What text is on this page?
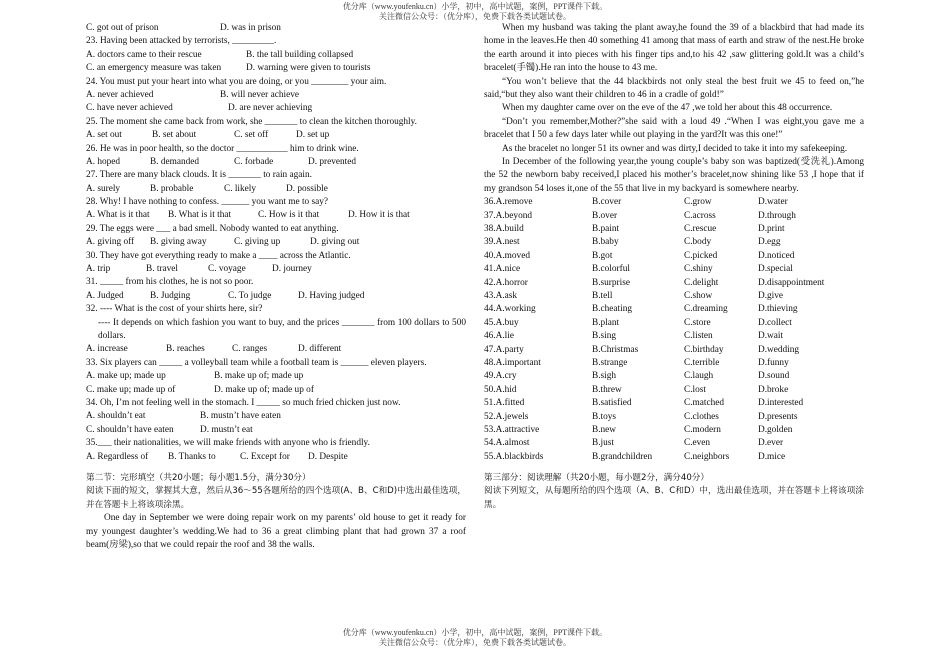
优分库（www.youfenku.cn）小学，初中，高中试题，案例，PPT课件下载。
关注微信公众号：（优分库），免费下载各类试题试卷。
C. got out of prison	D. was in prison
23. Having been attacked by terrorists, _________.
A. doctors came to their rescue	B. the tall building collapsed
C. an emergency measure was taken	D. warning were given to tourists
24. You must put your heart into what you are doing, or you ________ your aim.
A. never achieved	B. will never achieve
C. have never achieved	D. are never achieving
25. The moment she came back from work, she _______ to clean the kitchen thoroughly.
A. set out	B. set about	C. set off	D. set up
26. He was in poor health, so the doctor ___________ him to drink wine.
A. hoped	B. demanded	C. forbade	D. prevented
27. There are many black clouds. It is _______ to rain again.
A. surely	B. probable	C. likely	D. possible
28. Why! I have nothing to confess. ______ you want me to say?
A. What is it that	B. What is it that	C. How is it that	D. How it is that
29. The eggs were ___ a bad smell. Nobody wanted to eat anything.
A. giving off	B. giving away	C. giving up	D. giving out
30. They have got everything ready to make a ____ across the Atlantic.
A. trip	B. travel	C. voyage	D. journey
31. _____ from his clothes, he is not so poor.
A. Judged	B. Judging	C. To judge	D. Having judged
32. ---- What is the cost of your shirts here, sir?
---- It depends on which fashion you want to buy, and the prices _______ from 100 dollars to 500 dollars.
A. increase	B. reaches	C. ranges	D. different
33. Six players can _____ a volleyball team while a football team is ______ eleven players.
A. make up; made up	B. make up of; made up
C. make up; made up of	D. make up of; made up of
34. Oh, I’m not feeling well in the stomach. I _____ so much fried chicken just now.
A. shouldn’t eat	B. mustn’t have eaten
C. shouldn’t have eaten	D. mustn’t eat
35.___ their nationalities, we will make friends with anyone who is friendly.
A. Regardless of	B. Thanks to	C. Except for	D. Despite
第二节：完形填空（共20小题；每小题1.5分，满分30分）
阅读下面的短文，掌握其大意，然后从36～55各题所给的四个选项(A、B、C和D)中选出最佳选项，并在答题卡上将该项涂黑。
One day in September we were doing repair work on my parents’ old house to get it ready for my youngest daughter’s wedding.We had to 36 a great climbing plant that had grown 37 a roof beam(房梁),so that we could repair the roof and 38 the walls.
When my husband was taking the plant away,he found the 39 of a blackbird that had made its home in the leaves.He then 40 something 41 among that mass of earth and straw of the nest.He broke the earth around it into pieces with his finger tips and,to his 42 ,saw glittering gold.It was a child’s bracelet(手镯).He ran into the house to 43 me.
“You won’t believe that the 44 blackbirds not only steal the best fruit we 45 to feed on,”he said,“but they also want their children to 46 in a cradle of gold!”
When my daughter came over on the eve of the 47 ,we told her about this 48 occurrence.
“Don’t you remember,Mother?”she said with a loud 49 .“When I was eight,you gave me a bracelet that I 50 a few days later while out playing in the yard?It was this one!”
As the bracelet no longer 51 its owner and was dirty,I decided to take it into my safekeeping.
In December of the following year,the young couple’s baby son was baptized(受洗礼).Among the 52 the newborn baby received,I placed his mother’s bracelet,now shining like 53 ,I hope that if my grandson 54 loses it,one of the 55 that live in my backyard is somewhere nearby.
36.A.remove	B.cover	C.grow	D.water
37.A.beyond	B.over	C.across	D.through
38.A.build	B.paint	C.rescue	D.print
39.A.nest	B.baby	C.body	D.egg
40.A.moved	B.got	C.picked	D.noticed
41.A.nice	B.colorful	C.shiny	D.special
42.A.horror	B.surprise	C.delight	D.disappointment
43.A.ask	B.tell	C.show	D.give
44.A.working	B.cheating	C.dreaming	D.thieving
45.A.buy	B.plant	C.store	D.collect
46.A.lie	B.sing	C.listen	D.wait
47.A.party	B.Christmas	C.birthday	D.wedding
48.A.important	B.strange	C.terrible	D.funny
49.A.cry	B.sigh	C.laugh	D.sound
50.A.hid	B.threw	C.lost	D.broke
51.A.fitted	B.satisfied	C.matched	D.interested
52.A.jewels	B.toys	C.clothes	D.presents
53.A.attractive	B.new	C.modern	D.golden
54.A.almost	B.just	C.even	D.ever
55.A.blackbirds	B.grandchildren	C.neighbors	D.mice
第三部分：阅读理解（共20小题，每小题2分，满分40分）
阅读下列短文，从每题所给的四个选项（A、B、C和D）中，选出最佳选项，并在答题卡上将该项涂黑。
优分库（www.youfenku.cn）小学，初中，高中试题，案例，PPT课件下载。
关注微信公众号：（优分库），免费下载各类试题试卷。
